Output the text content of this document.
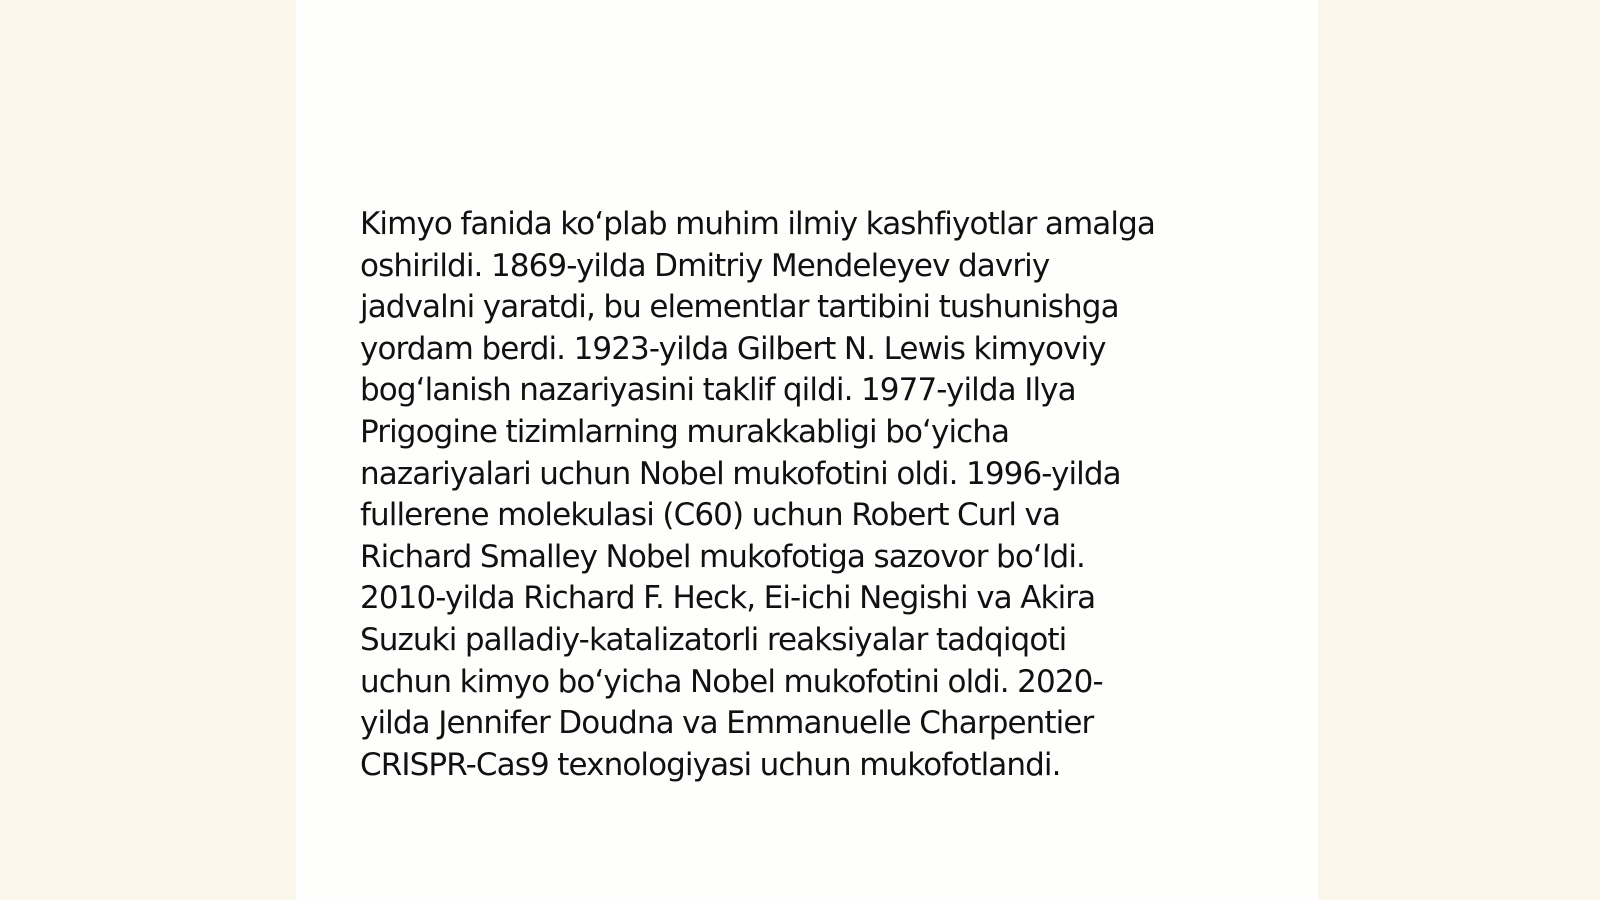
Kimyo fanida ko‘plab muhim ilmiy kashfiyotlar amalga
oshirildi. 1869-yilda Dmitriy Mendeleyev davriy
jadvalni yaratdi, bu elementlar tartibini tushunishga
yordam berdi. 1923-yilda Gilbert N. Lewis kimyoviy
bog‘lanish nazariyasini taklif qildi. 1977-yilda Ilya
Prigogine tizimlarning murakkabligi bo‘yicha
nazariyalari uchun Nobel mukofotini oldi. 1996-yilda
fullerene molekulasi (C60) uchun Robert Curl va
Richard Smalley Nobel mukofotiga sazovor bo‘ldi.
2010-yilda Richard F. Heck, Ei-ichi Negishi va Akira
Suzuki palladiy-katalizatorli reaksiyalar tadqiqoti
uchun kimyo bo‘yicha Nobel mukofotini oldi. 2020-
yilda Jennifer Doudna va Emmanuelle Charpentier
CRISPR-Cas9 texnologiyasi uchun mukofotlandi.
